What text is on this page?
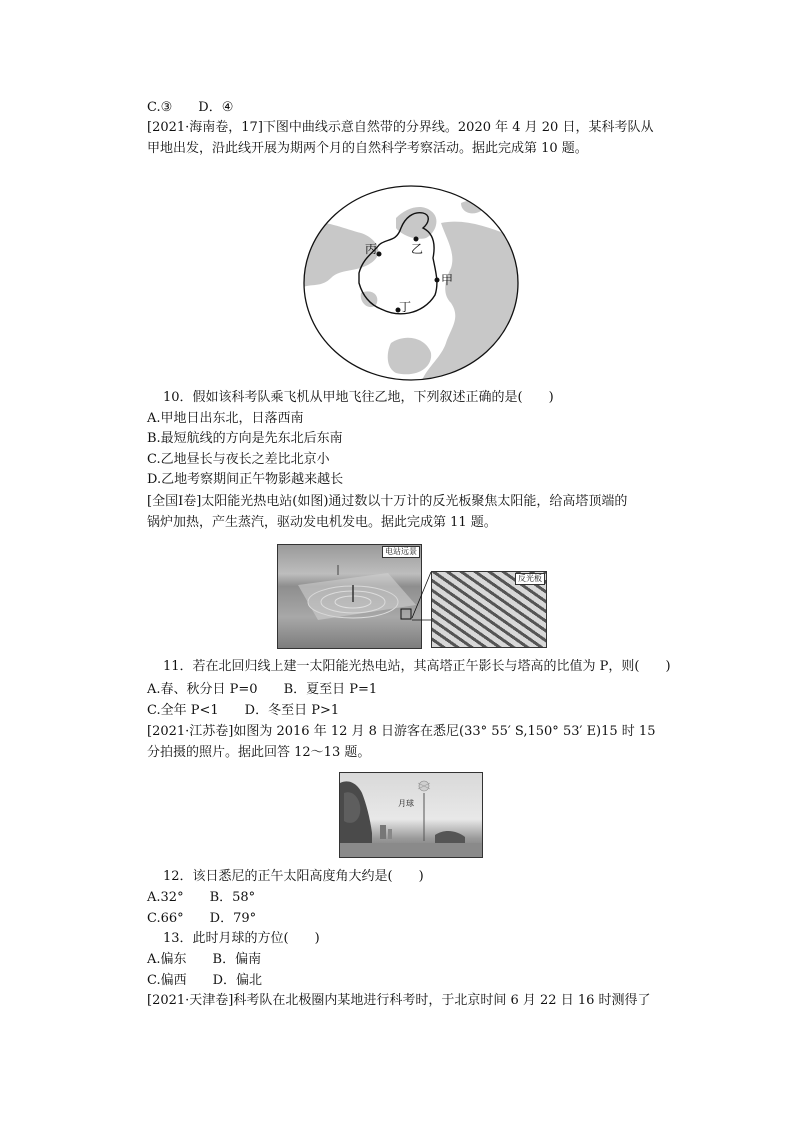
C.③　　D．④
[2021·海南卷，17]下图中曲线示意自然带的分界线。2020 年 4 月 20 日，某科考队从
甲地出发，沿此线开展为期两个月的自然科学考察活动。据此完成第 10 题。
甲
乙
丙
丁
10．假如该科考队乘飞机从甲地飞往乙地，下列叙述正确的是(　　)
A.甲地日出东北，日落西南
B.最短航线的方向是先东北后东南
C.乙地昼长与夜长之差比北京小
D.乙地考察期间正午物影越来越长
[全国Ⅰ卷]太阳能光热电站(如图)通过数以十万计的反光板聚焦太阳能，给高塔顶端的
锅炉加热，产生蒸汽，驱动发电机发电。据此完成第 11 题。
电站远景
反光板
11．若在北回归线上建一太阳能光热电站，其高塔正午影长与塔高的比值为 P，则(　　)
A.春、秋分日 P=0　　B．夏至日 P=1
C.全年 P<1　　D．冬至日 P>1
[2021·江苏卷]如图为 2016 年 12 月 8 日游客在悉尼(33° 55′ S,150° 53′ E)15 时 15
分拍摄的照片。据此回答 12～13 题。
月球
12．该日悉尼的正午太阳高度角大约是(　　)
A.32°　　B．58°
C.66°　　D．79°
13．此时月球的方位(　　)
A.偏东　　B．偏南
C.偏西　　D．偏北
[2021·天津卷]科考队在北极圈内某地进行科考时，于北京时间 6 月 22 日 16 时测得了
